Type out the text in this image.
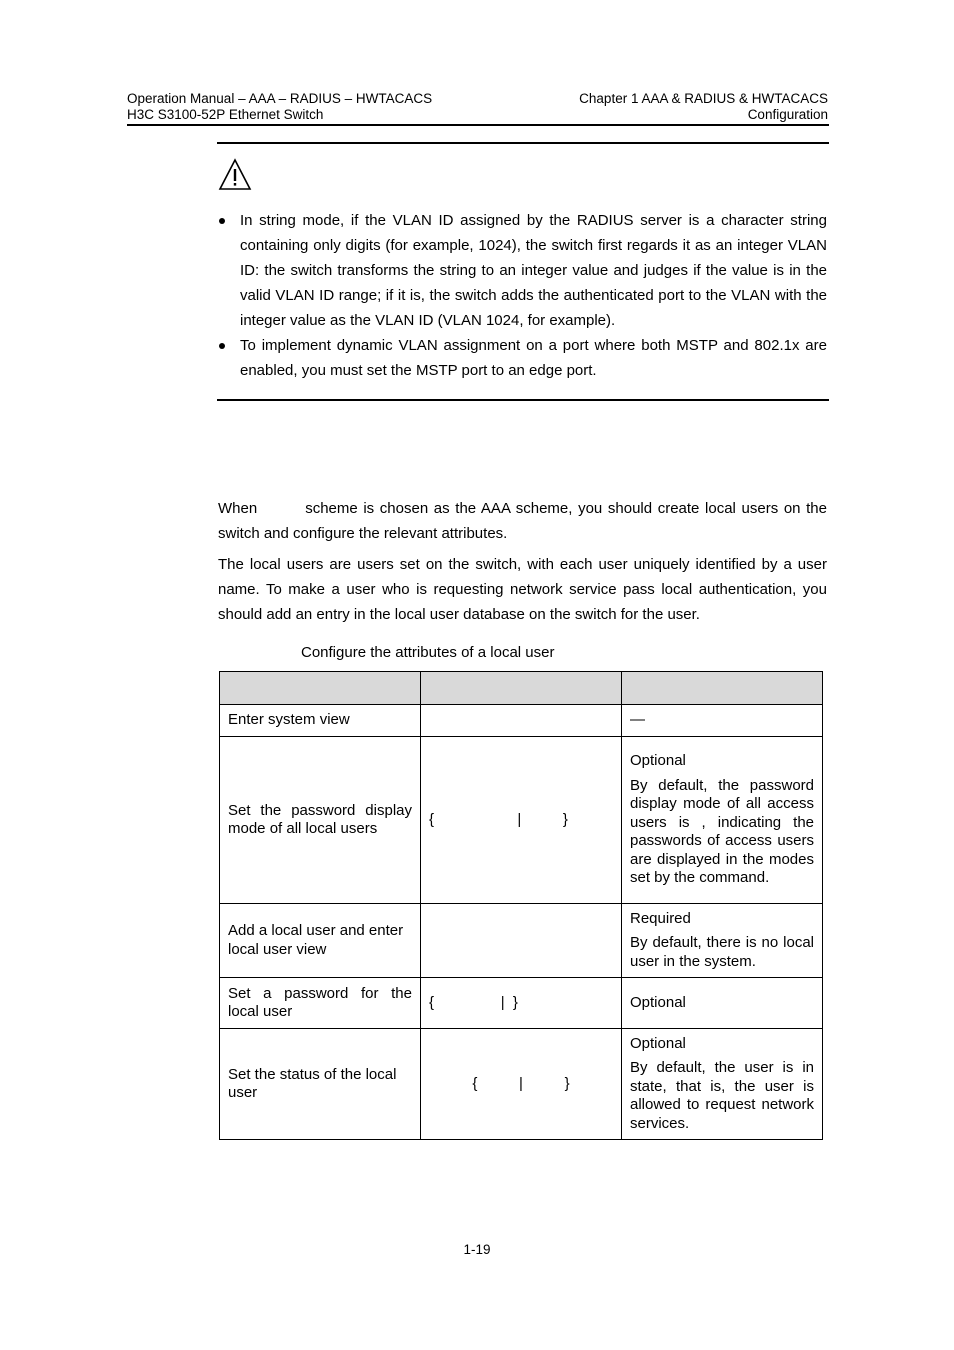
Operation Manual – AAA – RADIUS – HWTACACS
H3C S3100-52P Ethernet Switch
Chapter 1 AAA & RADIUS & HWTACACS
Configuration
In string mode, if the VLAN ID assigned by the RADIUS server is a character string containing only digits (for example, 1024), the switch first regards it as an integer VLAN ID: the switch transforms the string to an integer value and judges if the value is in the valid VLAN ID range; if it is, the switch adds the authenticated port to the VLAN with the integer value as the VLAN ID (VLAN 1024, for example).
To implement dynamic VLAN assignment on a port where both MSTP and 802.1x are enabled, you must set the MSTP port to an edge port.
When	scheme is chosen as the AAA scheme, you should create local users on the switch and configure the relevant attributes.
The local users are users set on the switch, with each user uniquely identified by a user name. To make a user who is requesting network service pass local authentication, you should add an entry in the local user database on the switch for the user.
Configure the attributes of a local user

Enter system view		—

Set the password display mode of all local users	{                    |          }	Optional

By default, the password display mode of all access users is , indicating the passwords of access users are displayed in the modes set by the command.

Add a local user and enter local user view		Required

By default, there is no local user in the system.

Set a password for the local user	{                |  }	Optional

Set the status of the local user	{          |          }	Optional

By default, the user is in state, that is, the user is allowed to request network services.

1-19
